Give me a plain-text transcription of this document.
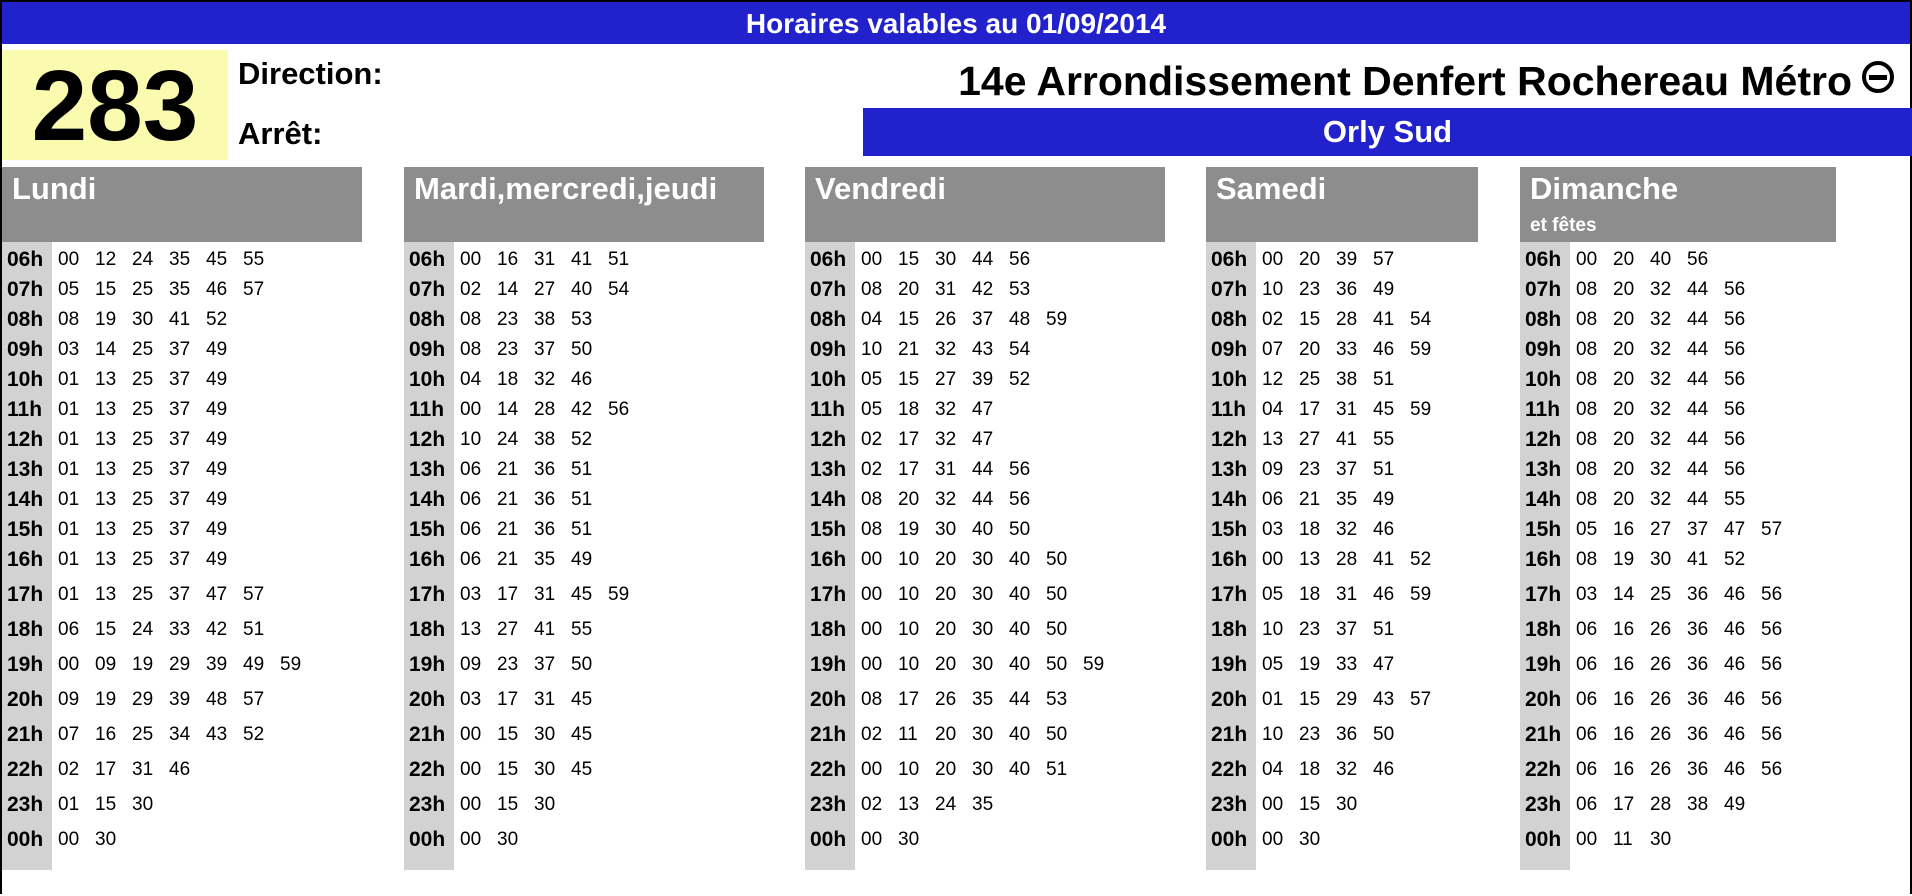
Horaires valables au 01/09/2014
283	Direction:
Arrêt:
14e Arrondissement Denfert Rochereau Métro
Orly Sud
Lundi
06h 00 12 24 35 45 55
07h 05 15 25 35 46 57
08h 08 19 30 41 52
09h 03 14 25 37 49
10h 01 13 25 37 49
11h 01 13 25 37 49
12h 01 13 25 37 49
13h 01 13 25 37 49
14h 01 13 25 37 49
15h 01 13 25 37 49
16h 01 13 25 37 49
17h 01 13 25 37 47 57
18h 06 15 24 33 42 51
19h 00 09 19 29 39 49 59
20h 09 19 29 39 48 57
21h 07 16 25 34 43 52
22h 02 17 31 46
23h 01 15 30
00h 00 30
Mardi,mercredi,jeudi
06h 00 16 31 41 51
07h 02 14 27 40 54
08h 08 23 38 53
09h 08 23 37 50
10h 04 18 32 46
11h 00 14 28 42 56
12h 10 24 38 52
13h 06 21 36 51
14h 06 21 36 51
15h 06 21 36 51
16h 06 21 35 49
17h 03 17 31 45 59
18h 13 27 41 55
19h 09 23 37 50
20h 03 17 31 45
21h 00 15 30 45
22h 00 15 30 45
23h 00 15 30
00h 00 30
Vendredi
06h 00 15 30 44 56
07h 08 20 31 42 53
08h 04 15 26 37 48 59
09h 10 21 32 43 54
10h 05 15 27 39 52
11h 05 18 32 47
12h 02 17 32 47
13h 02 17 31 44 56
14h 08 20 32 44 56
15h 08 19 30 40 50
16h 00 10 20 30 40 50
17h 00 10 20 30 40 50
18h 00 10 20 30 40 50
19h 00 10 20 30 40 50 59
20h 08 17 26 35 44 53
21h 02 11 20 30 40 50
22h 00 10 20 30 40 51
23h 02 13 24 35
00h 00 30
Samedi
06h 00 20 39 57
07h 10 23 36 49
08h 02 15 28 41 54
09h 07 20 33 46 59
10h 12 25 38 51
11h 04 17 31 45 59
12h 13 27 41 55
13h 09 23 37 51
14h 06 21 35 49
15h 03 18 32 46
16h 00 13 28 41 52
17h 05 18 31 46 59
18h 10 23 37 51
19h 05 19 33 47
20h 01 15 29 43 57
21h 10 23 36 50
22h 04 18 32 46
23h 00 15 30
00h 00 30
Dimanche
et fêtes
06h 00 20 40 56
07h 08 20 32 44 56
08h 08 20 32 44 56
09h 08 20 32 44 56
10h 08 20 32 44 56
11h 08 20 32 44 56
12h 08 20 32 44 56
13h 08 20 32 44 56
14h 08 20 32 44 55
15h 05 16 27 37 47 57
16h 08 19 30 41 52
17h 03 14 25 36 46 56
18h 06 16 26 36 46 56
19h 06 16 26 36 46 56
20h 06 16 26 36 46 56
21h 06 16 26 36 46 56
22h 06 16 26 36 46 56
23h 06 17 28 38 49
00h 00 11 30
